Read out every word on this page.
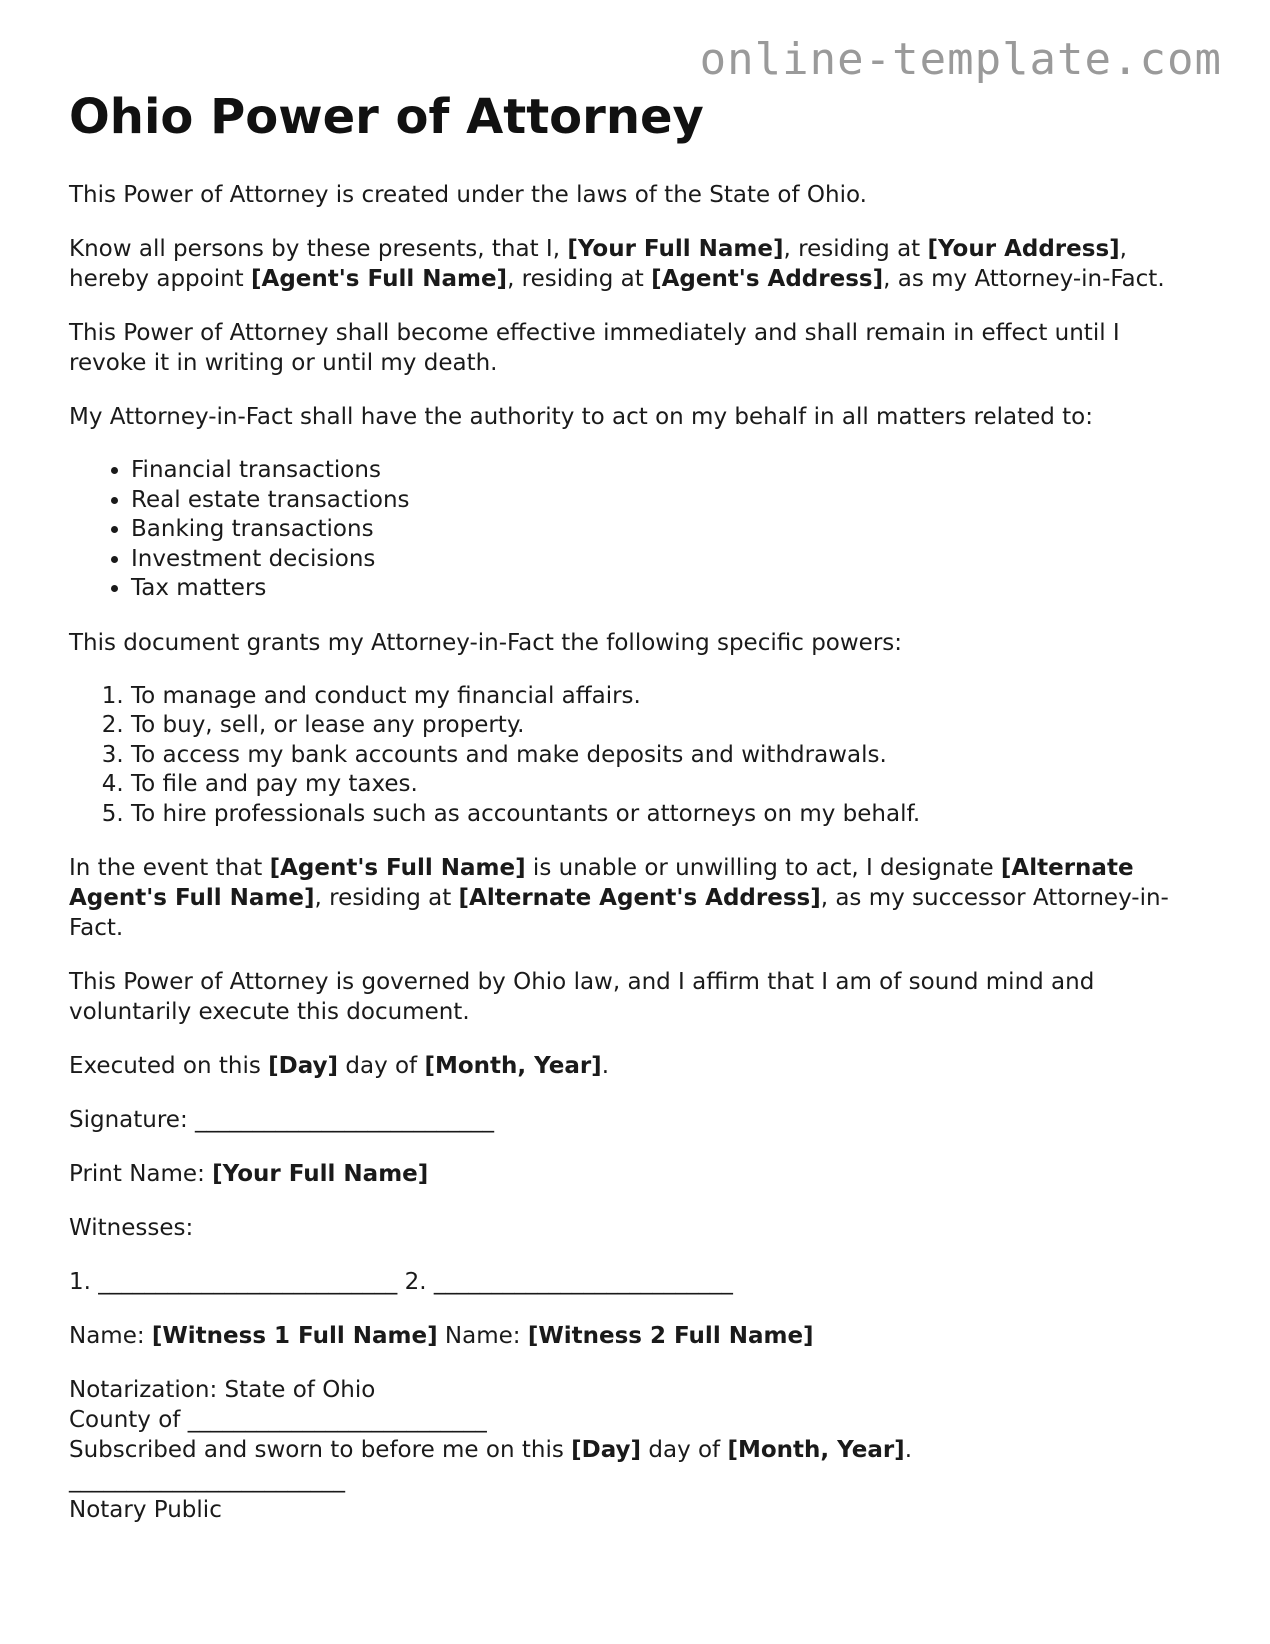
online-template.com
Ohio Power of Attorney

This Power of Attorney is created under the laws of the State of Ohio.

Know all persons by these presents, that I, [Your Full Name], residing at [Your Address], hereby appoint [Agent's Full Name], residing at [Agent's Address], as my Attorney-in-Fact.

This Power of Attorney shall become effective immediately and shall remain in effect until I revoke it in writing or until my death.

My Attorney-in-Fact shall have the authority to act on my behalf in all matters related to:

• Financial transactions
• Real estate transactions
• Banking transactions
• Investment decisions
• Tax matters

This document grants my Attorney-in-Fact the following specific powers:

1. To manage and conduct my financial affairs.
2. To buy, sell, or lease any property.
3. To access my bank accounts and make deposits and withdrawals.
4. To file and pay my taxes.
5. To hire professionals such as accountants or attorneys on my behalf.

In the event that [Agent's Full Name] is unable or unwilling to act, I designate [Alternate Agent's Full Name], residing at [Alternate Agent's Address], as my successor Attorney-in-Fact.

This Power of Attorney is governed by Ohio law, and I affirm that I am of sound mind and voluntarily execute this document.

Executed on this [Day] day of [Month, Year].

Signature: __________________________

Print Name: [Your Full Name]

Witnesses:

1. __________________________ 2. __________________________

Name: [Witness 1 Full Name] Name: [Witness 2 Full Name]

Notarization: State of Ohio

County of __________________________

Subscribed and sworn to before me on this [Day] day of [Month, Year].

________________________

Notary Public
